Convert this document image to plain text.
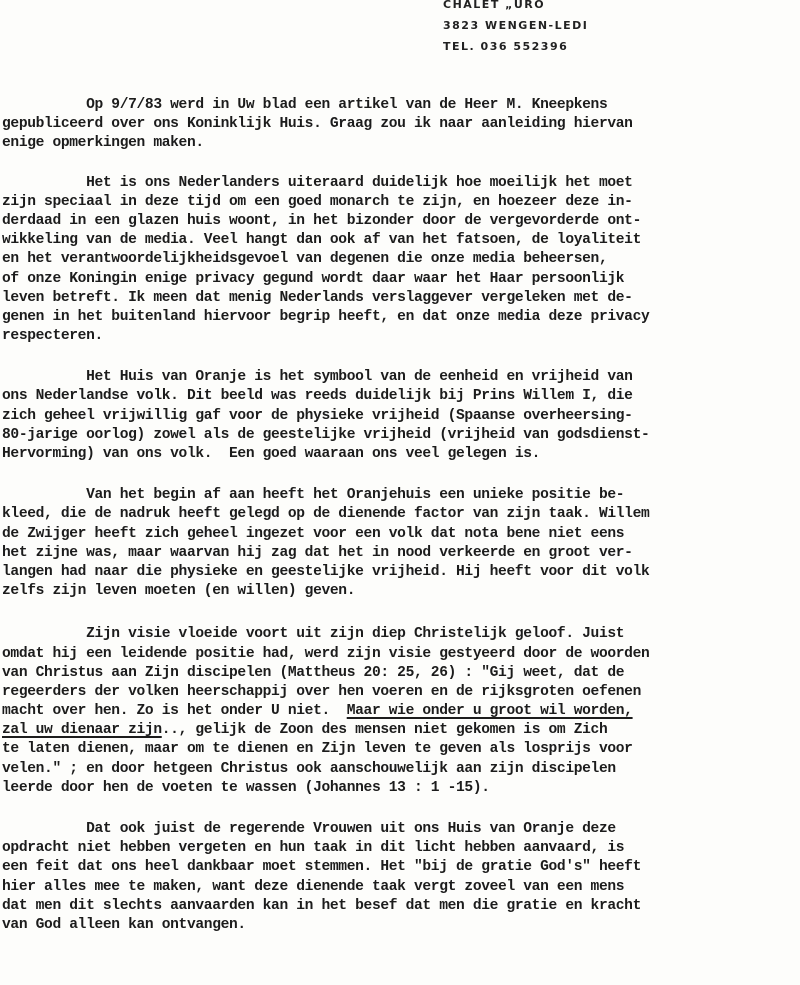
CHALET „URO
3823 WENGEN-LEDI
TEL. 036 552396
Op 9/7/83 werd in Uw blad een artikel van de Heer M. Kneepkens
gepubliceerd over ons Koninklijk Huis. Graag zou ik naar aanleiding hiervan
enige opmerkingen maken.
Het is ons Nederlanders uiteraard duidelijk hoe moeilijk het moet
zijn speciaal in deze tijd om een goed monarch te zijn, en hoezeer deze in-
derdaad in een glazen huis woont, in het bizonder door de vergevorderde ont-
wikkeling van de media. Veel hangt dan ook af van het fatsoen, de loyaliteit
en het verantwoordelijkheidsgevoel van degenen die onze media beheersen,
of onze Koningin enige privacy gegund wordt daar waar het Haar persoonlijk
leven betreft. Ik meen dat menig Nederlands verslaggever vergeleken met de-
genen in het buitenland hiervoor begrip heeft, en dat onze media deze privacy
respecteren.
Het Huis van Oranje is het symbool van de eenheid en vrijheid van
ons Nederlandse volk. Dit beeld was reeds duidelijk bij Prins Willem I, die
zich geheel vrijwillig gaf voor de physieke vrijheid (Spaanse overheersing-
80-jarige oorlog) zowel als de geestelijke vrijheid (vrijheid van godsdienst-
Hervorming) van ons volk.  Een goed waaraan ons veel gelegen is.
Van het begin af aan heeft het Oranjehuis een unieke positie be-
kleed, die de nadruk heeft gelegd op de dienende factor van zijn taak. Willem
de Zwijger heeft zich geheel ingezet voor een volk dat nota bene niet eens
het zijne was, maar waarvan hij zag dat het in nood verkeerde en groot ver-
langen had naar die physieke en geestelijke vrijheid. Hij heeft voor dit volk
zelfs zijn leven moeten (en willen) geven.
Zijn visie vloeide voort uit zijn diep Christelijk geloof. Juist
omdat hij een leidende positie had, werd zijn visie gestyeerd door de woorden
van Christus aan Zijn discipelen (Mattheus 20: 25, 26) : "Gij weet, dat de
regeerders der volken heerschappij over hen voeren en de rijksgroten oefenen
macht over hen. Zo is het onder U niet.  Maar wie onder u groot wil worden,
zal uw dienaar zijn.., gelijk de Zoon des mensen niet gekomen is om Zich
te laten dienen, maar om te dienen en Zijn leven te geven als losprijs voor
velen." ; en door hetgeen Christus ook aanschouwelijk aan zijn discipelen
leerde door hen de voeten te wassen (Johannes 13 : 1 -15).
Dat ook juist de regerende Vrouwen uit ons Huis van Oranje deze
opdracht niet hebben vergeten en hun taak in dit licht hebben aanvaard, is
een feit dat ons heel dankbaar moet stemmen. Het "bij de gratie God's" heeft
hier alles mee te maken, want deze dienende taak vergt zoveel van een mens
dat men dit slechts aanvaarden kan in het besef dat men die gratie en kracht
van God alleen kan ontvangen.
